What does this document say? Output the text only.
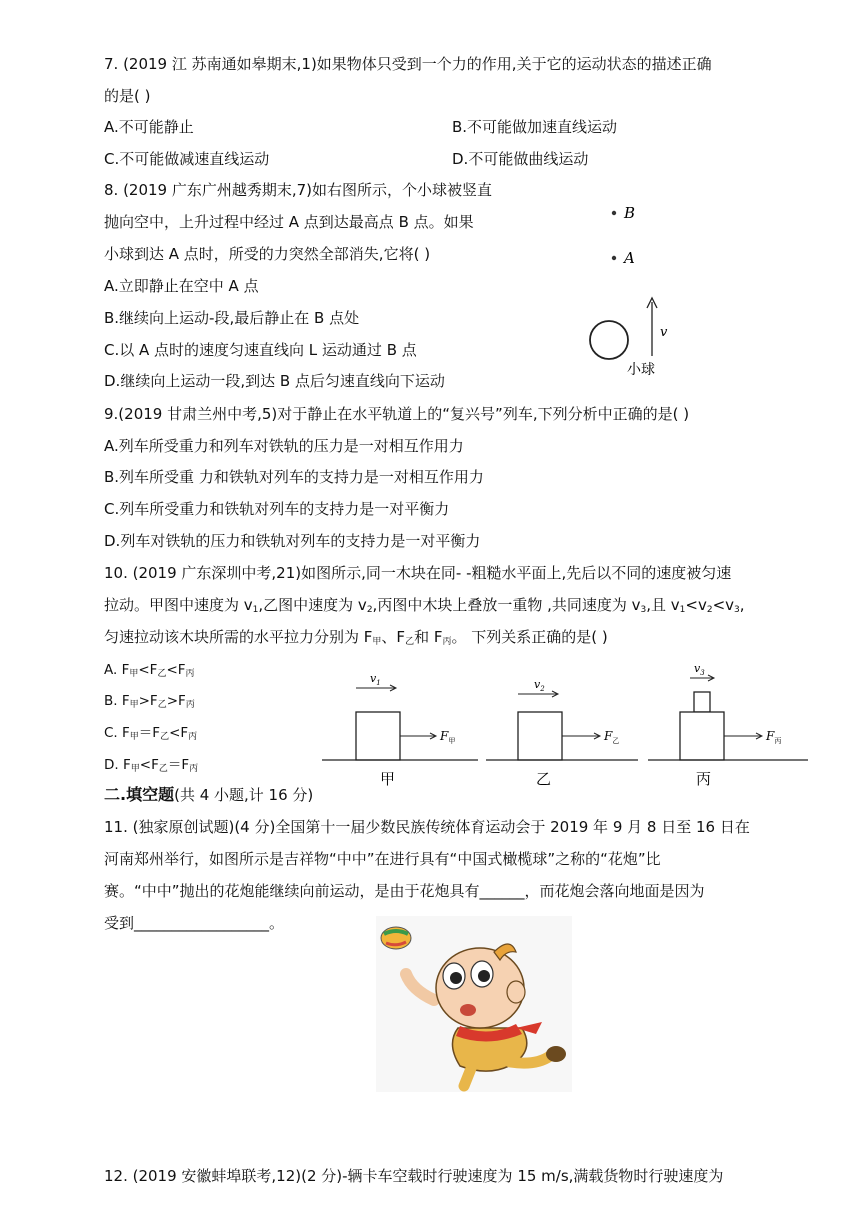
7. (2019 江 苏南通如皋期末,1)如果物体只受到一个力的作用,关于它的运动状态的描述正确
的是( )
A.不可能静止	B.不可能做加速直线运动
C.不可能做减速直线运动	D.不可能做曲线运动
8. (2019 广东广州越秀期末,7)如右图所示，个小球被竖直
抛向空中，上升过程中经过 A 点到达最高点 B 点。如果
小球到达 A 点时，所受的力突然全部消失,它将( )
A.立即静止在空中 A 点
B.继续向上运动-段,最后静止在 B 点处
C.以 A 点时的速度匀速直线向 L 运动通过 B 点
D.继续向上运动一段,到达 B 点后匀速直线向下运动
B
A
v
小球
9.(2019 甘肃兰州中考,5)对于静止在水平轨道上的“复兴号”列车,下列分析中正确的是( )
A.列车所受重力和列车对铁轨的压力是一对相互作用力
B.列车所受重 力和铁轨对列车的支持力是一对相互作用力
C.列车所受重力和铁轨对列车的支持力是一对平衡力
D.列车对铁轨的压力和铁轨对列车的支持力是一对平衡力
10. (2019 广东深圳中考,21)如图所示,同一木块在同- -粗糙水平面上,先后以不同的速度被匀速
拉动。甲图中速度为 $v_1$,乙图中速度为 $v_2$,丙图中木块上叠放一重物 ,共同速度为 $v_3$,且 $v_1<v_2<v_3$,
匀速拉动该木块所需的水平拉力分别为 $F_甲$、$F_乙$和 $F_丙$。 下列关系正确的是( )
A. $F_甲<F_乙<F_丙$
B. $F_甲>F_乙>F_丙$
C. $F_甲=F_乙<F_丙$
D. $F_甲<F_乙=F_丙$
$v_1$
$F_甲$
甲
$v_2$
$F_乙$
乙
$v_3$
$F_丙$
丙
二.填空题(共 4 小题,计 16 分)
11. (独家原创试题)(4 分)全国第十一届少数民族传统体育运动会于 2019 年 9 月 8 日至 16 日在
河南郑州举行，如图所示是吉祥物“中中”在进行具有“中国式橄榄球”之称的“花炮”比
赛。“中中”抛出的花炮能继续向前运动，是由于花炮具有______，而花炮会落向地面是因为
受到__________________。
12. (2019 安徽蚌埠联考,12)(2 分)-辆卡车空载时行驶速度为 15 m/s,满载货物时行驶速度为
